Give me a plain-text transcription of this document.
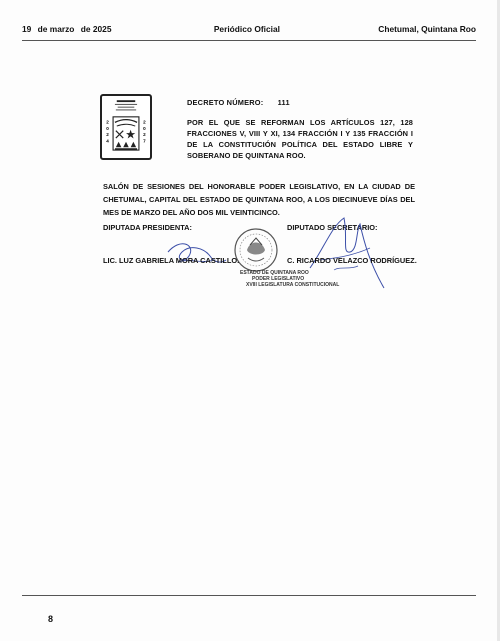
19 de marzo de 2025	Periódico Oficial	Chetumal, Quintana Roo
2
0
2
4
2
0
2
7
DECRETO NÚMERO: 111
POR EL QUE SE REFORMAN LOS ARTÍCULOS 127, 128 FRACCIONES V, VIII Y XI, 134 FRACCIÓN I Y 135 FRACCIÓN I DE LA CONSTITUCIÓN POLÍTICA DEL ESTADO LIBRE Y SOBERANO DE QUINTANA ROO.
SALÓN DE SESIONES DEL HONORABLE PODER LEGISLATIVO, EN LA CIUDAD DE CHETUMAL, CAPITAL DEL ESTADO DE QUINTANA ROO, A LOS DIECINUEVE DÍAS DEL MES DE MARZO DEL AÑO DOS MIL VEINTICINCO.
DIPUTADA PRESIDENTA:	DIPUTADO SECRETARIO:
LIC. LUZ GABRIELA MORA CASTILLO.	C. RICARDO VELAZCO RODRÍGUEZ.
ESTADO DE QUINTANA ROO
PODER LEGISLATIVO
XVIII LEGISLATURA CONSTITUCIONAL
8
